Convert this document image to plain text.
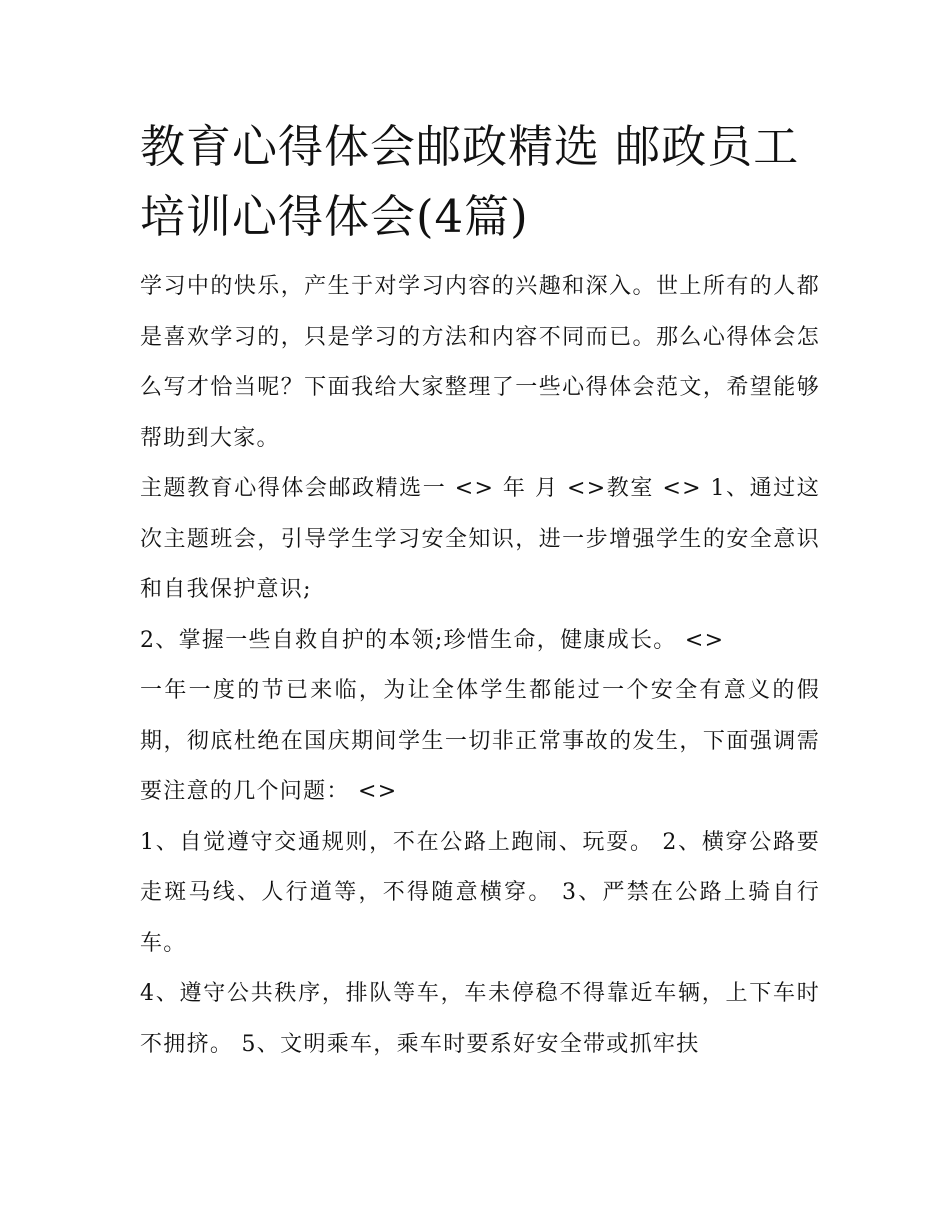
教育心得体会邮政精选 邮政员工培训心得体会(4篇)

学习中的快乐，产生于对学习内容的兴趣和深入。世上所有的人都是喜欢学习的，只是学习的方法和内容不同而已。那么心得体会怎么写才恰当呢？下面我给大家整理了一些心得体会范文，希望能够帮助到大家。

主题教育心得体会邮政精选一 <> 年 月 <>教室 <> 1、通过这次主题班会，引导学生学习安全知识，进一步增强学生的安全意识和自我保护意识;

2、掌握一些自救自护的本领;珍惜生命，健康成长。 <>

一年一度的节已来临，为让全体学生都能过一个安全有意义的假期，彻底杜绝在国庆期间学生一切非正常事故的发生，下面强调需要注意的几个问题： <>

1、自觉遵守交通规则，不在公路上跑闹、玩耍。 2、横穿公路要走斑马线、人行道等，不得随意横穿。 3、严禁在公路上骑自行车。

4、遵守公共秩序，排队等车，车未停稳不得靠近车辆，上下车时不拥挤。 5、文明乘车，乘车时要系好安全带或抓牢扶
